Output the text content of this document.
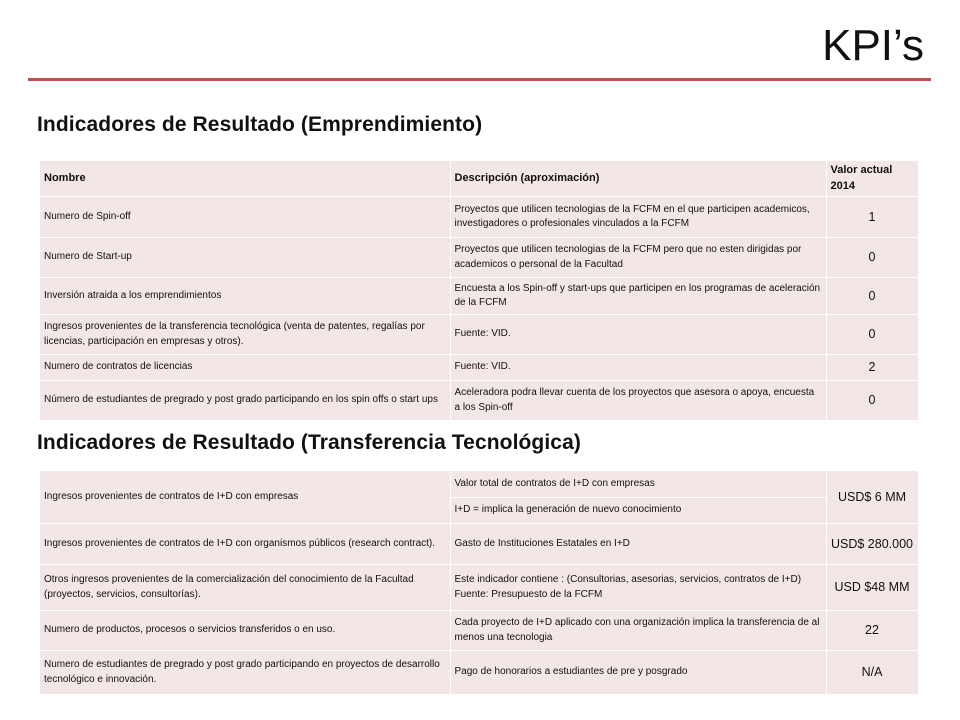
KPI’s
Indicadores de Resultado (Emprendimiento)
Nombre	Descripción (aproximación)	Valor actual 2014
Numero de Spin-off	Proyectos que utilicen tecnologias de la FCFM en el que participen academicos, investigadores o profesionales vinculados a la FCFM	1
Numero de Start-up	Proyectos que utilicen tecnologias de la FCFM pero que no esten dirigidas por academicos o personal de la Facultad	0
Inversión atraida a los emprendimientos	Encuesta a los Spin-off y start-ups que participen en los programas de aceleración de la FCFM	0
Ingresos provenientes de la transferencia tecnológica (venta de patentes, regalías por licencias, participación en empresas y otros).	Fuente: VID.	0
Numero de contratos de licencias	Fuente: VID.	2
Número de estudiantes de pregrado y post grado participando en los spin offs o start ups	Aceleradora podra llevar cuenta de los proyectos que asesora o apoya, encuesta a los Spin-off	0
Indicadores de Resultado (Transferencia Tecnológica)
Ingresos provenientes de contratos de I+D con empresas	Valor total de contratos de I+D con empresas	USD$ 6 MM
	I+D = implica la generación de nuevo conocimiento	
Ingresos provenientes de contratos de I+D con organismos públicos (research contract).	Gasto de Instituciones Estatales en I+D	USD$ 280.000
Otros ingresos provenientes de la comercialización del conocimiento de la Facultad (proyectos, servicios, consultorías).	Este indicador contiene : (Consultorias, asesorias, servicios, contratos de I+D) Fuente: Presupuesto de la FCFM	USD $48 MM
Numero de productos, procesos o servicios transferidos o en uso.	Cada proyecto de I+D aplicado con una organización implica la transferencia de al menos una tecnologia	22
Numero de estudiantes de pregrado y post grado participando en proyectos de desarrollo tecnológico e innovación.	Pago de honorarios a estudiantes de pre y posgrado	N/A
